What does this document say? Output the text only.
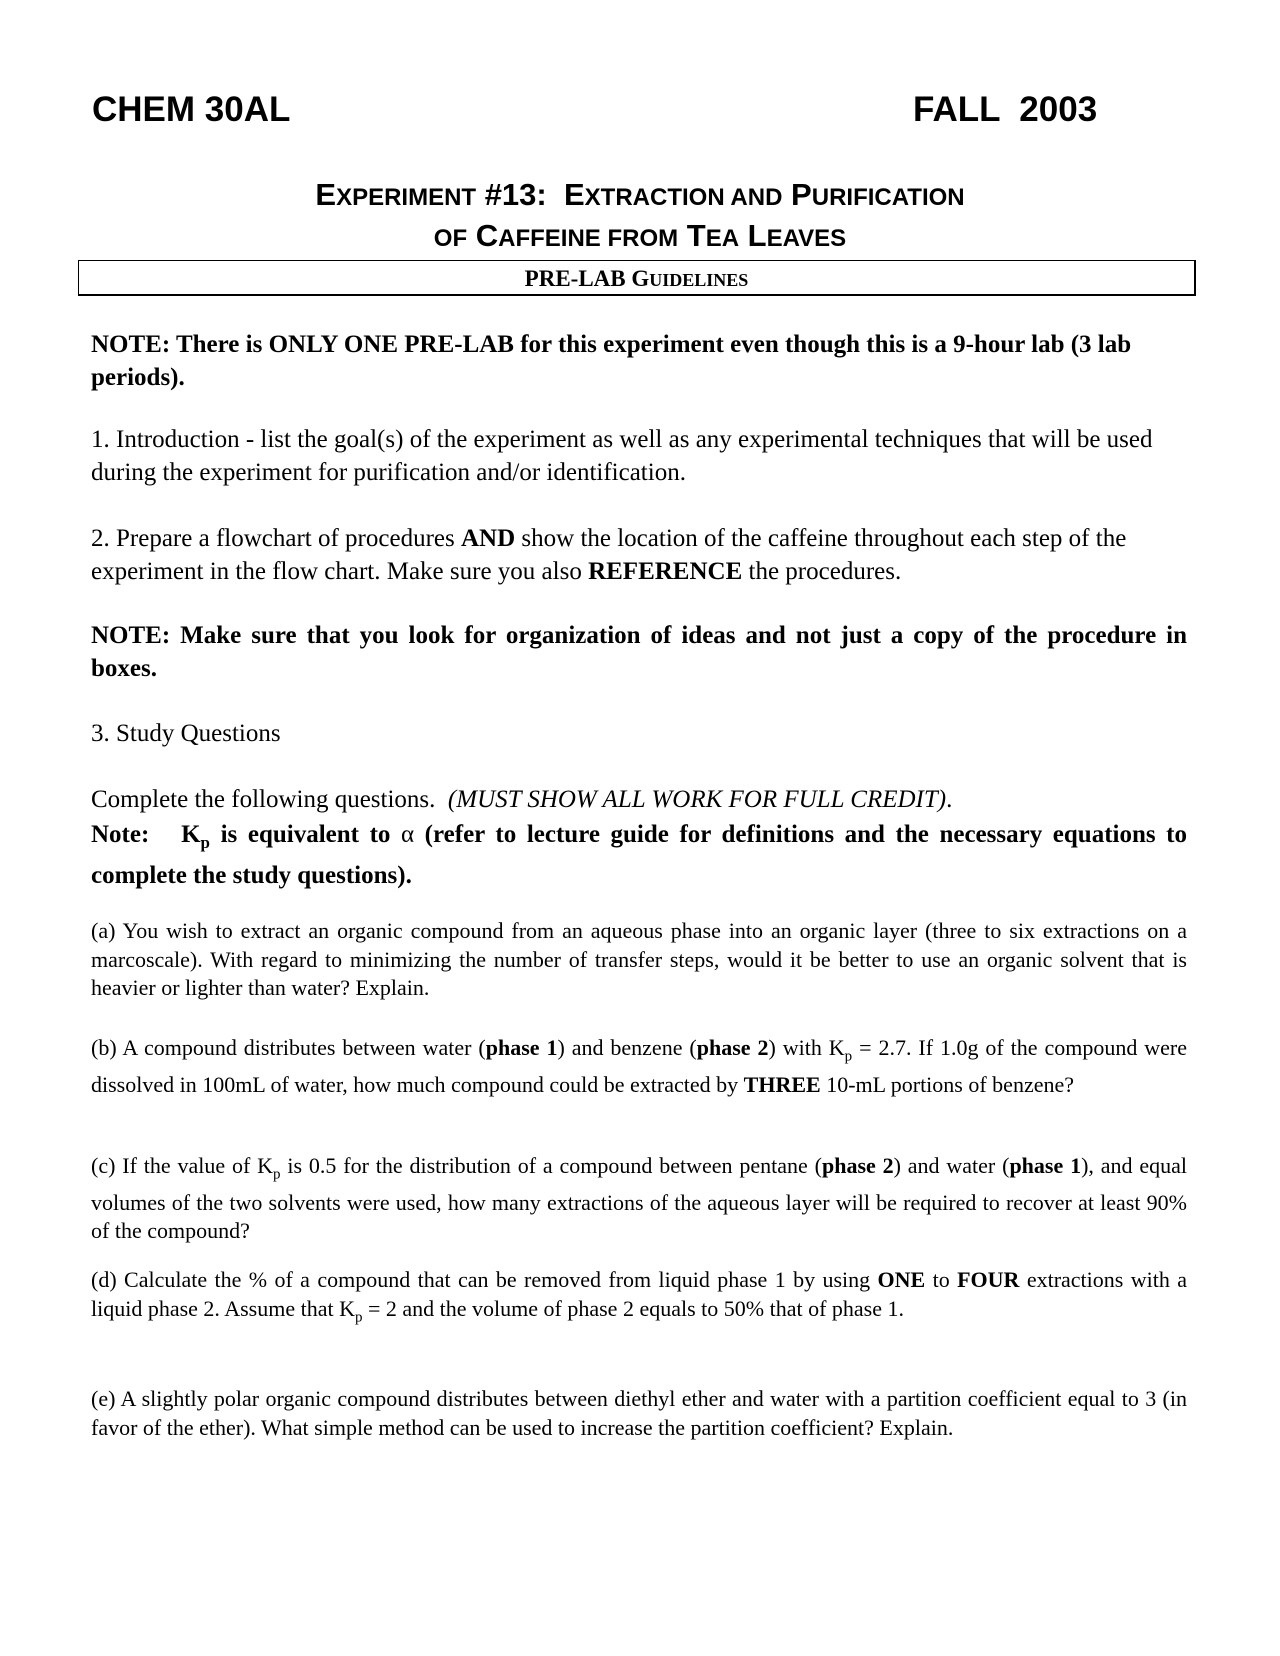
CHEM 30AL	FALL  2003
EXPERIMENT #13:  EXTRACTION AND PURIFICATION
OF CAFFEINE FROM TEA LEAVES
PRE-LAB GUIDELINES
NOTE: There is ONLY ONE PRE-LAB for this experiment even though this is a 9-hour lab (3 lab periods).
1. Introduction - list the goal(s) of the experiment as well as any experimental techniques that will be used during the experiment for purification and/or identification.
2. Prepare a flowchart of procedures AND show the location of the caffeine throughout each step of the experiment in the flow chart. Make sure you also REFERENCE the procedures.
NOTE: Make sure that you look for organization of ideas and not just a copy of the procedure in boxes.
3. Study Questions
Complete the following questions.  (MUST SHOW ALL WORK FOR FULL CREDIT).
Note:   $K_p$ is equivalent to α (refer to lecture guide for definitions and the necessary equations to complete the study questions).
(a) You wish to extract an organic compound from an aqueous phase into an organic layer (three to six extractions on a marcoscale). With regard to minimizing the number of transfer steps, would it be better to use an organic solvent that is heavier or lighter than water? Explain.
(b) A compound distributes between water (phase 1) and benzene (phase 2) with $K_p = 2.7$. If 1.0g of the compound were dissolved in 100mL of water, how much compound could be extracted by THREE 10-mL portions of benzene?
(c) If the value of $K_p$ is 0.5 for the distribution of a compound between pentane (phase 2) and water (phase 1), and equal volumes of the two solvents were used, how many extractions of the aqueous layer will be required to recover at least 90% of the compound?
(d) Calculate the % of a compound that can be removed from liquid phase 1 by using ONE to FOUR extractions with a liquid phase 2. Assume that $K_p = 2$ and the volume of phase 2 equals to 50% that of phase 1.
(e) A slightly polar organic compound distributes between diethyl ether and water with a partition coefficient equal to 3 (in favor of the ether). What simple method can be used to increase the partition coefficient? Explain.
